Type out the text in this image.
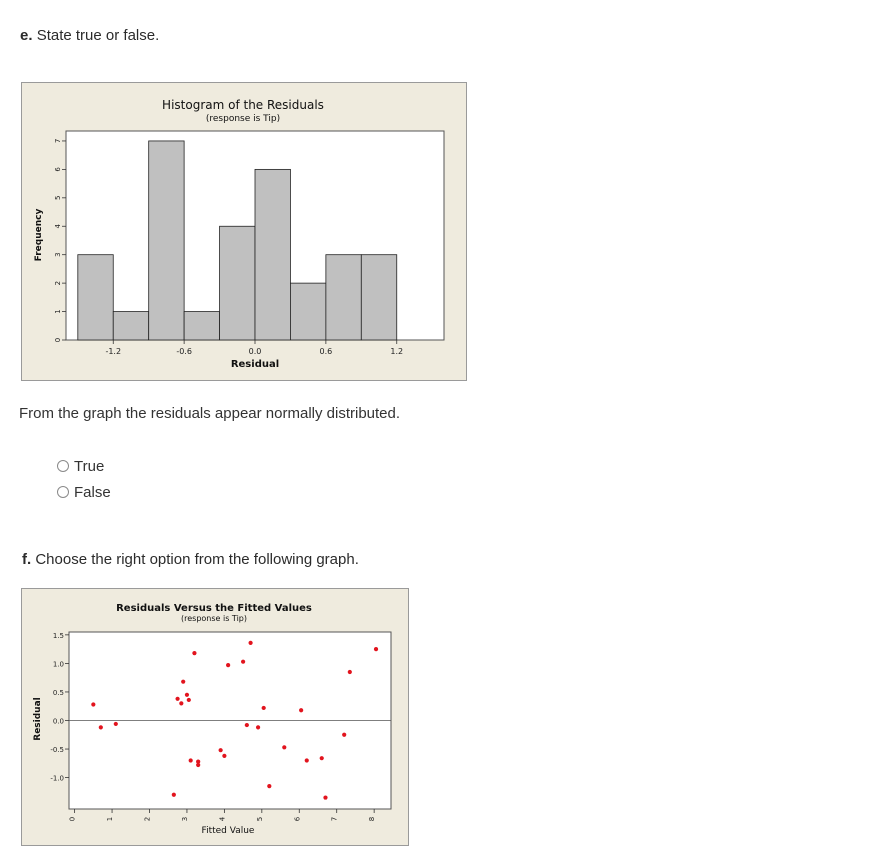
e. State true or false.
Histogram of the Residuals
(response is Tip)
-1.2	-0.6	0.0	0.6	1.2
0
1
2
3
4
5
6
7
Residual
Frequency
From the graph the residuals appear normally distributed.
True
False
f. Choose the right option from the following graph.
Residuals Versus the Fitted Values
(response is Tip)
0	1	2	3	4	5	6	7	8
1.5
1.0
0.5
0.0
-0.5
-1.0
Fitted Value
Residual
